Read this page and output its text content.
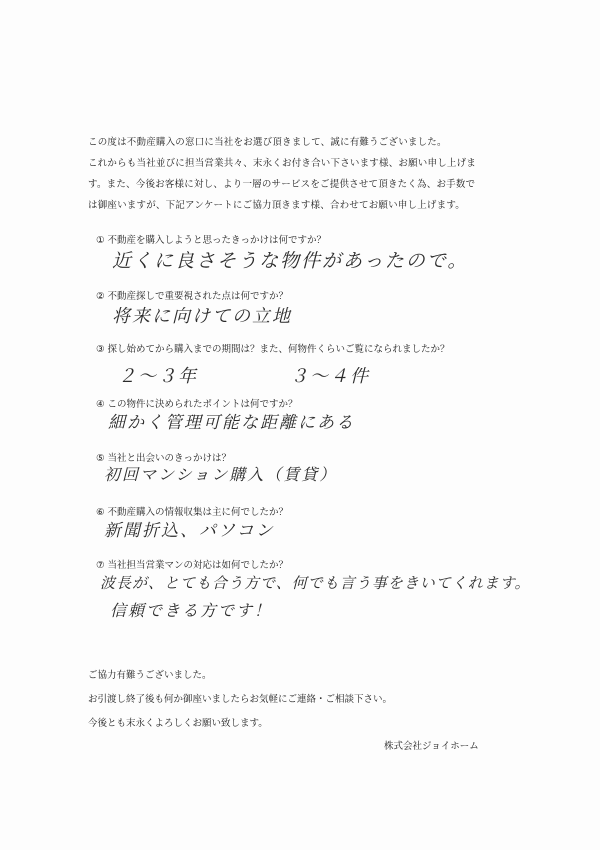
この度は不動産購入の窓口に当社をお選び頂きまして、誠に有難うございました。

これからも当社並びに担当営業共々、末永くお付き合い下さいます様、お願い申し上げま

す。また、今後お客様に対し、より一層のサービスをご提供させて頂きたく為、お手数で

は御座いますが、下記アンケートにご協力頂きます様、合わせてお願い申し上げます。

① 不動産を購入しようと思ったきっかけは何ですか？
近くに良さそうな物件があったので。
② 不動産探しで重要視された点は何ですか？
将来に向けての立地
③ 探し始めてから購入までの期間は？また、何物件くらいご覧になられましたか？
２〜３年	３〜４件
④ この物件に決められたポイントは何ですか？
細かく管理可能な距離にある
⑤ 当社と出会いのきっかけは？
初回マンション購入（賃貸）
⑥ 不動産購入の情報収集は主に何でしたか？
新聞折込、パソコン
⑦ 当社担当営業マンの対応は如何でしたか？
波長が、とても合う方で、何でも言う事をきいてくれます。
信頼できる方です！

ご協力有難うございました。

お引渡し終了後も何か御座いましたらお気軽にご連絡・ご相談下さい。

今後とも末永くよろしくお願い致します。

株式会社ジョイホーム
